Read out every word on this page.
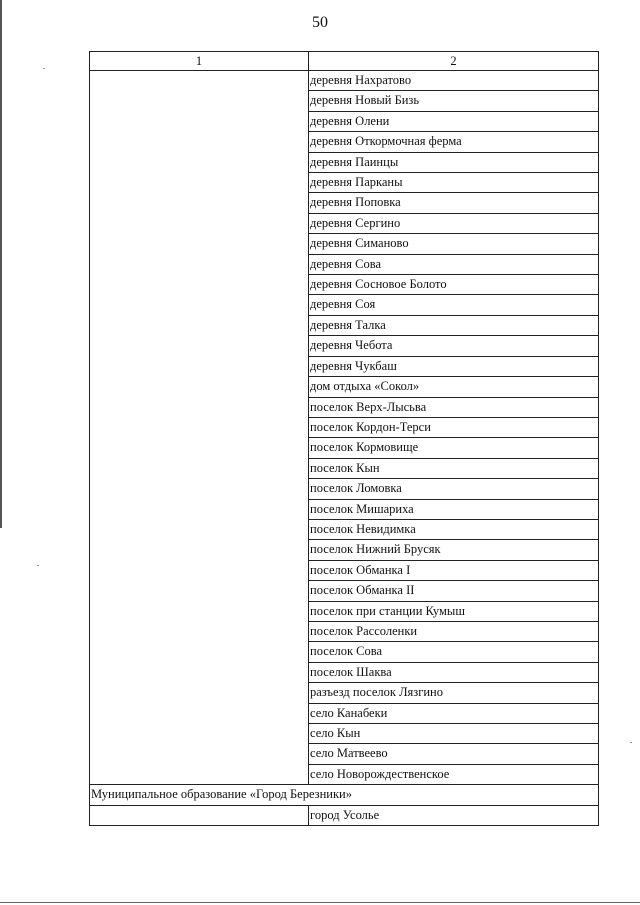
50
1	2
	деревня Нахратово
	деревня Новый Бизь
	деревня Олени
	деревня Откормочная ферма
	деревня Паинцы
	деревня Парканы
	деревня Поповка
	деревня Сергино
	деревня Симаново
	деревня Сова
	деревня Сосновое Болото
	деревня Соя
	деревня Талка
	деревня Чебота
	деревня Чукбаш
	дом отдыха «Сокол»
	поселок Верх-Лысьва
	поселок Кордон-Терси
	поселок Кормовище
	поселок Кын
	поселок Ломовка
	поселок Мишариха
	поселок Невидимка
	поселок Нижний Брусяк
	поселок Обманка I
	поселок Обманка II
	поселок при станции Кумыш
	поселок Рассоленки
	поселок Сова
	поселок Шаква
	разъезд поселок Лязгино
	село Канабеки
	село Кын
	село Матвеево
	село Новорождественское
Муниципальное образование «Город Березники»	
	город Усолье
